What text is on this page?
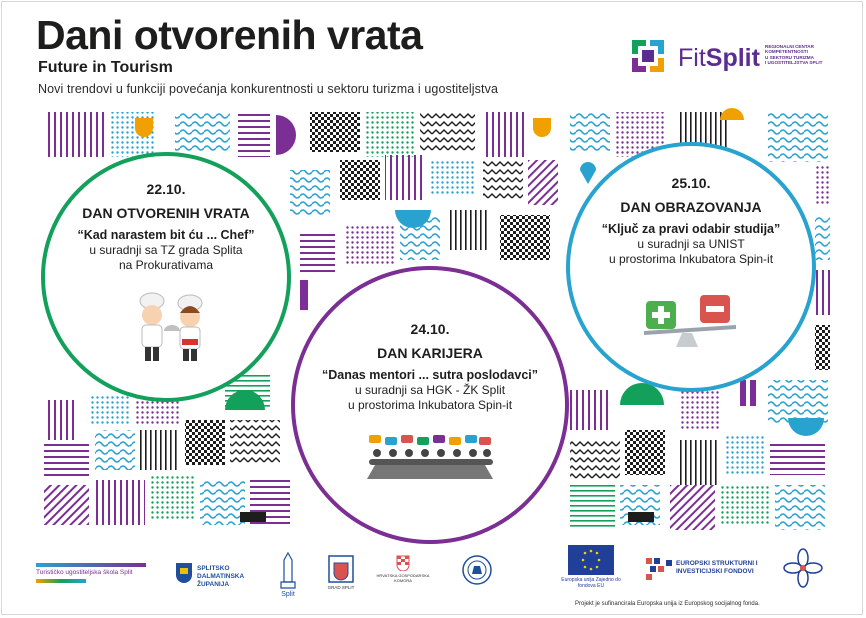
Dani otvorenih vrata
Future in Tourism
Novi trendovi u funkciji povećanja konkurentnosti u sektoru turizma i ugostiteljstva
FitSplit REGIONALNI CENTAR
KOMPETENTNOSTI
U SEKTORU TURIZMA
I UGOSTITELJSTVA SPLIT
22.10.
DAN OTVORENIH VRATA
“Kad narastem bit ću ... Chef”
u suradnji sa TZ grada Splita
na Prokurativama
25.10.
DAN OBRAZOVANJA
“Ključ za pravi odabir studija”
u suradnji sa UNIST
u prostorima Inkubatora Spin-it
24.10.
DAN KARIJERA
“Danas mentori ... sutra poslodavci”
u suradnji sa HGK - ŽK Split
u prostorima Inkubatora Spin-it
Turističko ugostiteljska škola Split
SPLITSKO DALMATINSKA ŽUPANIJA
Split
GRAD SPLIT
HRVATSKA GOSPODARSKA KOMORA	Europska unija Zajedno do fondova EU
EUROPSKI STRUKTURNI I INVESTICIJSKI FONDOVI
Projekt je sufinancirala Europska unija iz Europskog socijalnog fonda.
